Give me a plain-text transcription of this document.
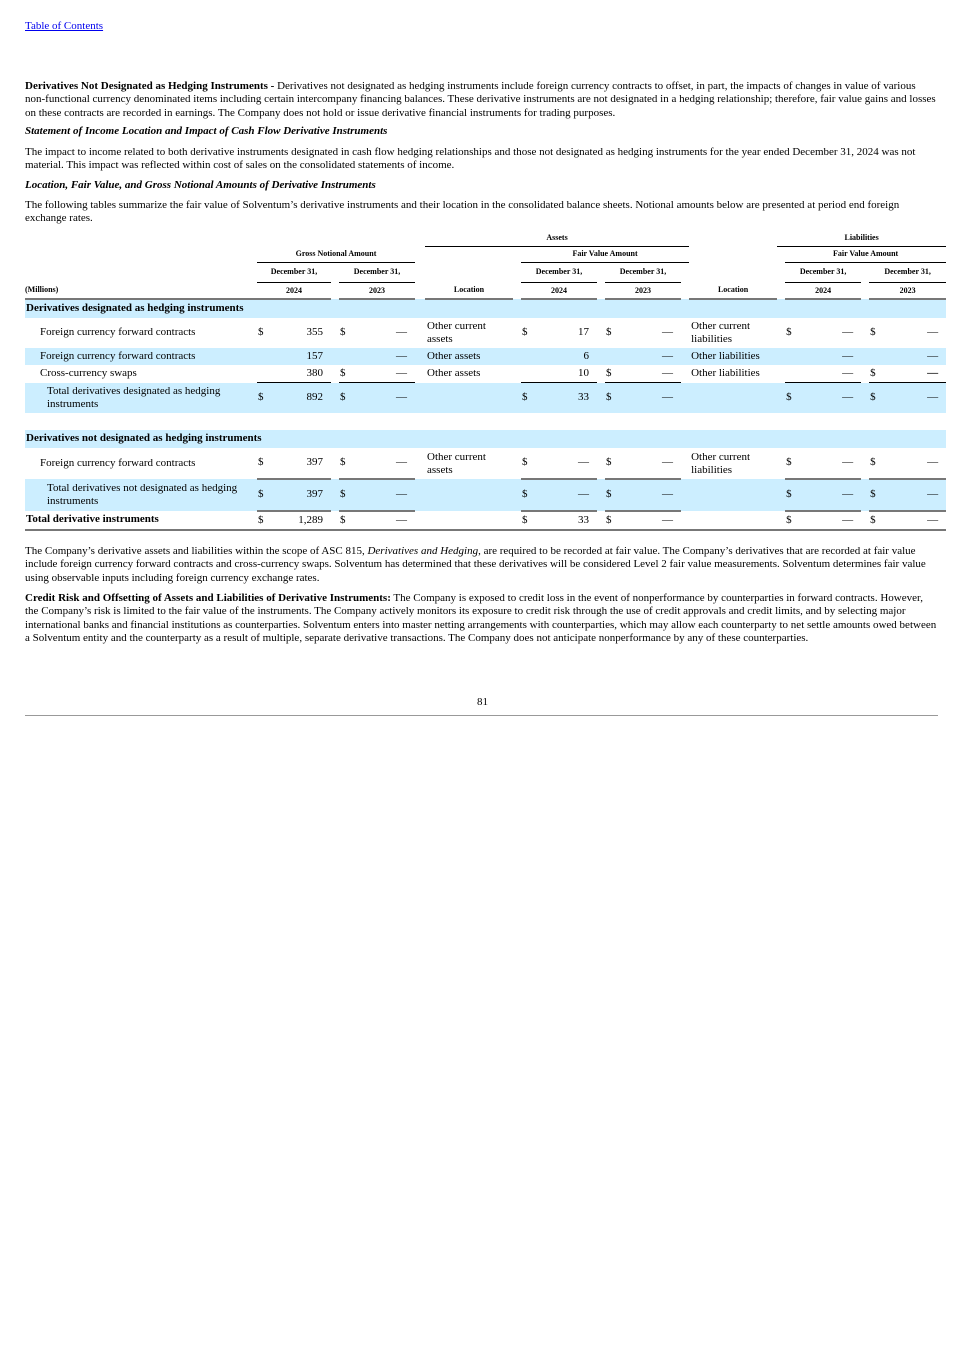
Table of Contents

Derivatives Not Designated as Hedging Instruments - Derivatives not designated as hedging instruments include foreign currency contracts to offset, in part, the impacts of changes in value of various non-functional currency denominated items including certain intercompany financing balances. These derivative instruments are not designated in a hedging relationship; therefore, fair value gains and losses on these contracts are recorded in earnings. The Company does not hold or issue derivative financial instruments for trading purposes.

Statement of Income Location and Impact of Cash Flow Derivative Instruments

The impact to income related to both derivative instruments designated in cash flow hedging relationships and those not designated as hedging instruments for the year ended December 31, 2024 was not material. This impact was reflected within cost of sales on the consolidated statements of income.

Location, Fair Value, and Gross Notional Amounts of Derivative Instruments

The following tables summarize the fair value of Solventum’s derivative instruments and their location in the consolidated balance sheets. Notional amounts below are presented at period end foreign exchange rates.

							Assets									Liabilities					
	Gross Notional Amount								Fair Value Amount								Fair Value Amount				
	December 31,			December 31,					December 31,			December 31,					December 31,			December 31,	
(Millions)	2024			2023			Location		2024			2023			Location		2024			2023	
Derivatives designated as hedging instruments																					
Foreign currency forward contracts	$	355		$	—		Other current assets		$	17		$	—		Other current liabilities		$	—		$	—
Foreign currency forward contracts		157			—		Other assets			6			—		Other liabilities			—			—
Cross-currency swaps		380		$	—		Other assets			10		$	—		Other liabilities			—		$	—
Total derivatives designated as hedging instruments	$	892		$	—				$	33		$	—				$	—		$	—

Derivatives not designated as hedging instruments																					
Foreign currency forward contracts	$	397		$	—		Other current assets		$	—		$	—		Other current liabilities		$	—		$	—
Total derivatives not designated as hedging instruments	$	397		$	—				$	—		$	—				$	—		$	—
Total derivative instruments	$	1,289		$	—				$	33		$	—				$	—		$	—

The Company’s derivative assets and liabilities within the scope of ASC 815, Derivatives and Hedging, are required to be recorded at fair value. The Company’s derivatives that are recorded at fair value include foreign currency forward contracts and cross-currency swaps. Solventum has determined that these derivatives will be considered Level 2 fair value measurements. Solventum determines fair value using observable inputs including foreign currency exchange rates.

Credit Risk and Offsetting of Assets and Liabilities of Derivative Instruments: The Company is exposed to credit loss in the event of nonperformance by counterparties in forward contracts. However, the Company’s risk is limited to the fair value of the instruments. The Company actively monitors its exposure to credit risk through the use of credit approvals and credit limits, and by selecting major international banks and financial institutions as counterparties. Solventum enters into master netting arrangements with counterparties, which may allow each counterparty to net settle amounts owed between a Solventum entity and the counterparty as a result of multiple, separate derivative transactions. The Company does not anticipate nonperformance by any of these counterparties.

81
